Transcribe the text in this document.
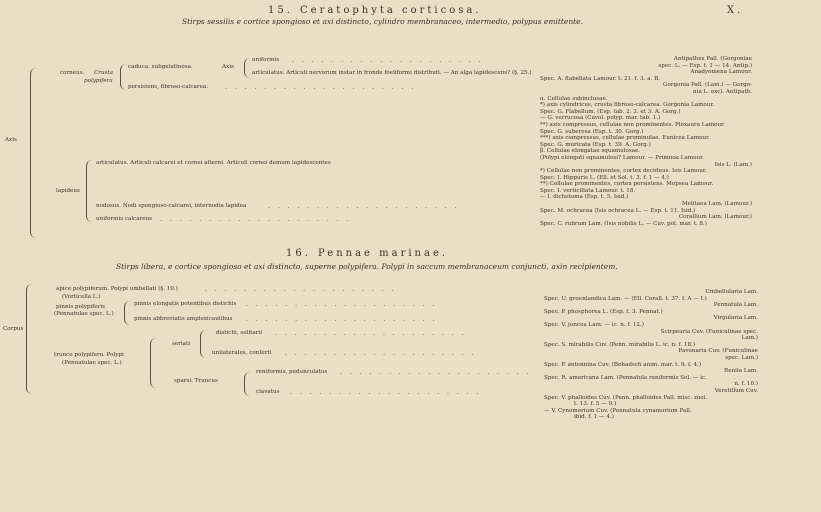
15. Ceratophyta corticosa.	X.
Stirps sessilis e cortice spongioso et axi distincto, cylindro membranaceo, intermedio, polypus emittente.
Axis
corneus. Crusta
polypifera
caduca, subgelatinosa.	Axis
uniformis . . . . . . . . . . . . . . . . . . . .
articulatus. Articuli nervorum instar in fronde foeliformi distributi. — An alga lapidescens? (§. 25.)
persistens, fibroso-calcarea.	. . . . . . . . . . . . . . . . . . . .
lapideus
articulatus. Articuli calcarei et cornei alterni. Articuli cornei demum lapidescentes
nodosus. Nodi spongioso-calcarei, internodia lapidea	. . . . . . . . . . . . . . . . . . . .
uniformis calcareus . . . . . . . . . . . . . . . . . . . .
Antipathes Pall. (Gorgoniae
spec. L. — Esp. t. 1 — 14. Antip.)
Anadyomena Lamour.
Spec. A. flabellata Lamour. t. 21. f. 3. a. B.
Gorgonia Pall. (Lam.) — Gorgo-
nia L. excl. Antipath.
α. Cellulae subinclusae.
*) axis cylindricus, crusta fibroso-calcarea. Gorgonia Lamour.
Spec. G. Flabellum. (Esp. tab. 2. 3. et 3. A. Gorg.)
— G. verrucosa (Cavol. polyp. mar. tab. 1.)
**) axis compressus, cellulae non prominentes. Plexaura Lamour.
Spec. G. suberosa (Esp. t. 30. Gorg.)
***) axis compressus, cellulae prominulae. Eunicea Lamour.
Spec. G. muricata (Esp. t. 39. A. Gorg.)
β. Cellulae elongatae squamulosae.
(Polypi elongati squamulosi? Lamour. — Primnoa Lamour.
Isis L. (Lam.)
*) Cellulae non prominentes, cortex deciduus. Isis Lamour.
Spec. I. Hippuris L. (Ell. et Sol. t. 3. f. 1 — 4.)
**) Cellulae prominentes, cortex persistens. Mopsea Lamour.
Spec. I. verticillata Lamour. t. 18.
— I. dichotoma (Esp. t. 5. Isid.)
Melitaea Lam. (Lamour.)
Spec. M. ochracea (Isis ochracea L. — Esp. t. 11. Isid.)
Corallium Lam. (Lamour.)
Spec. C. rubrum Lam. (Isis nobilis L. — Cuv. pol. mar. t. 8.)
16. Pennae marinae.
Stirps libera, e cortice spongioso et axi distincto, superne polypifera. Polypi in saccum membranaceum conjuncti, axin recipientem.
Corpus
apice polypiferum. Polypi umbellati (§. 10.)	. . . . . . . . . . . . . . . . . . . .
(Vorticella L.)
pinnis polypiferis
(Pennatulae spec. L.)
pinnis elongatis potentibus distichis . . . . . . . . . . . . . . . . . . . .
pinnis abbreviatis amplexicaulibus . . . . . . . . . . . . . . . . . . . .
trunco polypifero. Polypi
(Pennatulae spec. L.)
seriati
distichi, solitarii . . . . . . . . . . . . . . . . . . . .
unilaterales, conferti . . . . . . . . . . . . . . . . . . . .
sparsi. Truncus
reniformis, pedunculatus . . . . . . . . . . . . . . . . . . . .
clavatus . . . . . . . . . . . . . . . . . . . .
Umbellularia Lam.
Spec. U. groenlandica Lam. — (Ell. Corall. t. 37. f. A — I.)
Pennatula Lam.
Spec. P. phosphorea L. (Esp. t. 3. Pennat.)
Virgularia Lam.
Spec. V. juncea Lam. — ic. n. f. 12.)
Scirpearia Cuv. (Funiculinae spec.
Lam.)
Spec. S. mirabilis Cuv. (Penn. mirabilis L. ic. n. f. 18.)
Pavonaria Cuv. (Funiculinae
spec. Lam.)
Spec. P. antennina Cuv. (Bohadsch anim. mar. t. 9. f. 4.)
Renila Lam.
Spec. R. americana Lam. (Pennatula reniformis Sol. — ic.
n. f. 10.)
Veretillum Cuv.
Spec. V. phalloides Cuv. (Penn. phalloides Pall. misc. zool.
t. 13. f. 5 — 9.)
— V. Cynomorium Cuv. (Pennatula cynamorium Pall.
ibid. f. 1 — 4.)
